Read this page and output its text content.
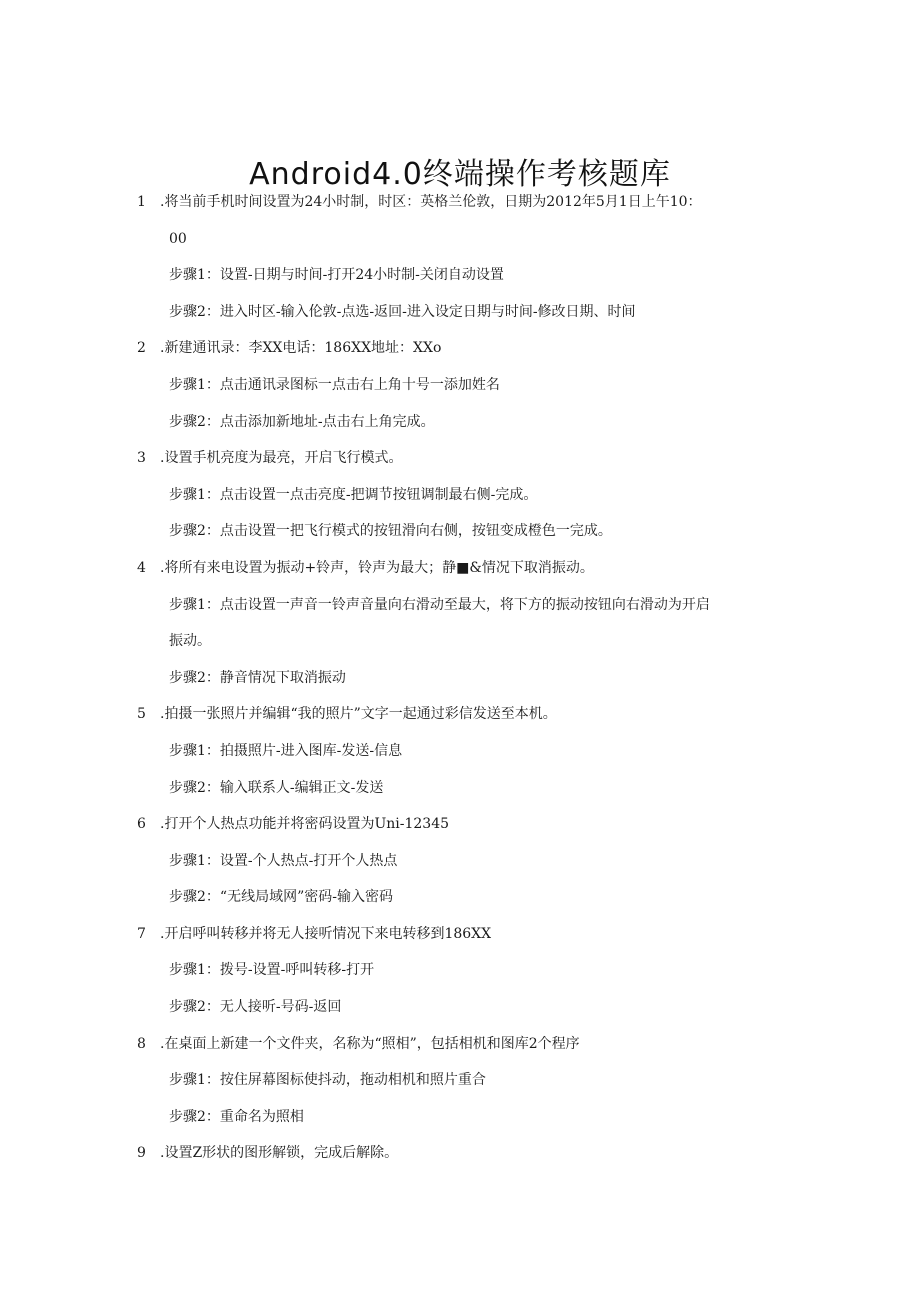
Android4.0终端操作考核题库
1	.将当前手机时间设置为24小时制，时区：英格兰伦敦，日期为2012年5月1日上午10：
00
步骤1：设置-日期与时间-打开24小时制-关闭自动设置
步骤2：进入时区-输入伦敦-点选-返回-进入设定日期与时间-修改日期、时间
2	.新建通讯录：李XX电话：186XX地址：XXo
步骤1：点击通讯录图标一点击右上角十号一添加姓名
步骤2：点击添加新地址-点击右上角完成。
3	.设置手机亮度为最亮，开启飞行模式。
步骤1：点击设置一点击亮度-把调节按钮调制最右侧-完成。
步骤2：点击设置一把飞行模式的按钮滑向右侧，按钮变成橙色一完成。
4	.将所有来电设置为振动+铃声，铃声为最大；静■&情况下取消振动。
步骤1：点击设置一声音一铃声音量向右滑动至最大，将下方的振动按钮向右滑动为开启
振动。
步骤2：静音情况下取消振动
5	.拍摄一张照片并编辑“我的照片”文字一起通过彩信发送至本机。
步骤1：拍摄照片-进入图库-发送-信息
步骤2：输入联系人-编辑正文-发送
6	.打开个人热点功能并将密码设置为Uni-12345
步骤1：设置-个人热点-打开个人热点
步骤2：“无线局域网”密码-输入密码
7	.开启呼叫转移并将无人接听情况下来电转移到186XX
步骤1：拨号-设置-呼叫转移-打开
步骤2：无人接听-号码-返回
8	.在桌面上新建一个文件夹，名称为“照相”，包括相机和图库2个程序
步骤1：按住屏幕图标使抖动，拖动相机和照片重合
步骤2：重命名为照相
9	.设置Z形状的图形解锁，完成后解除。
